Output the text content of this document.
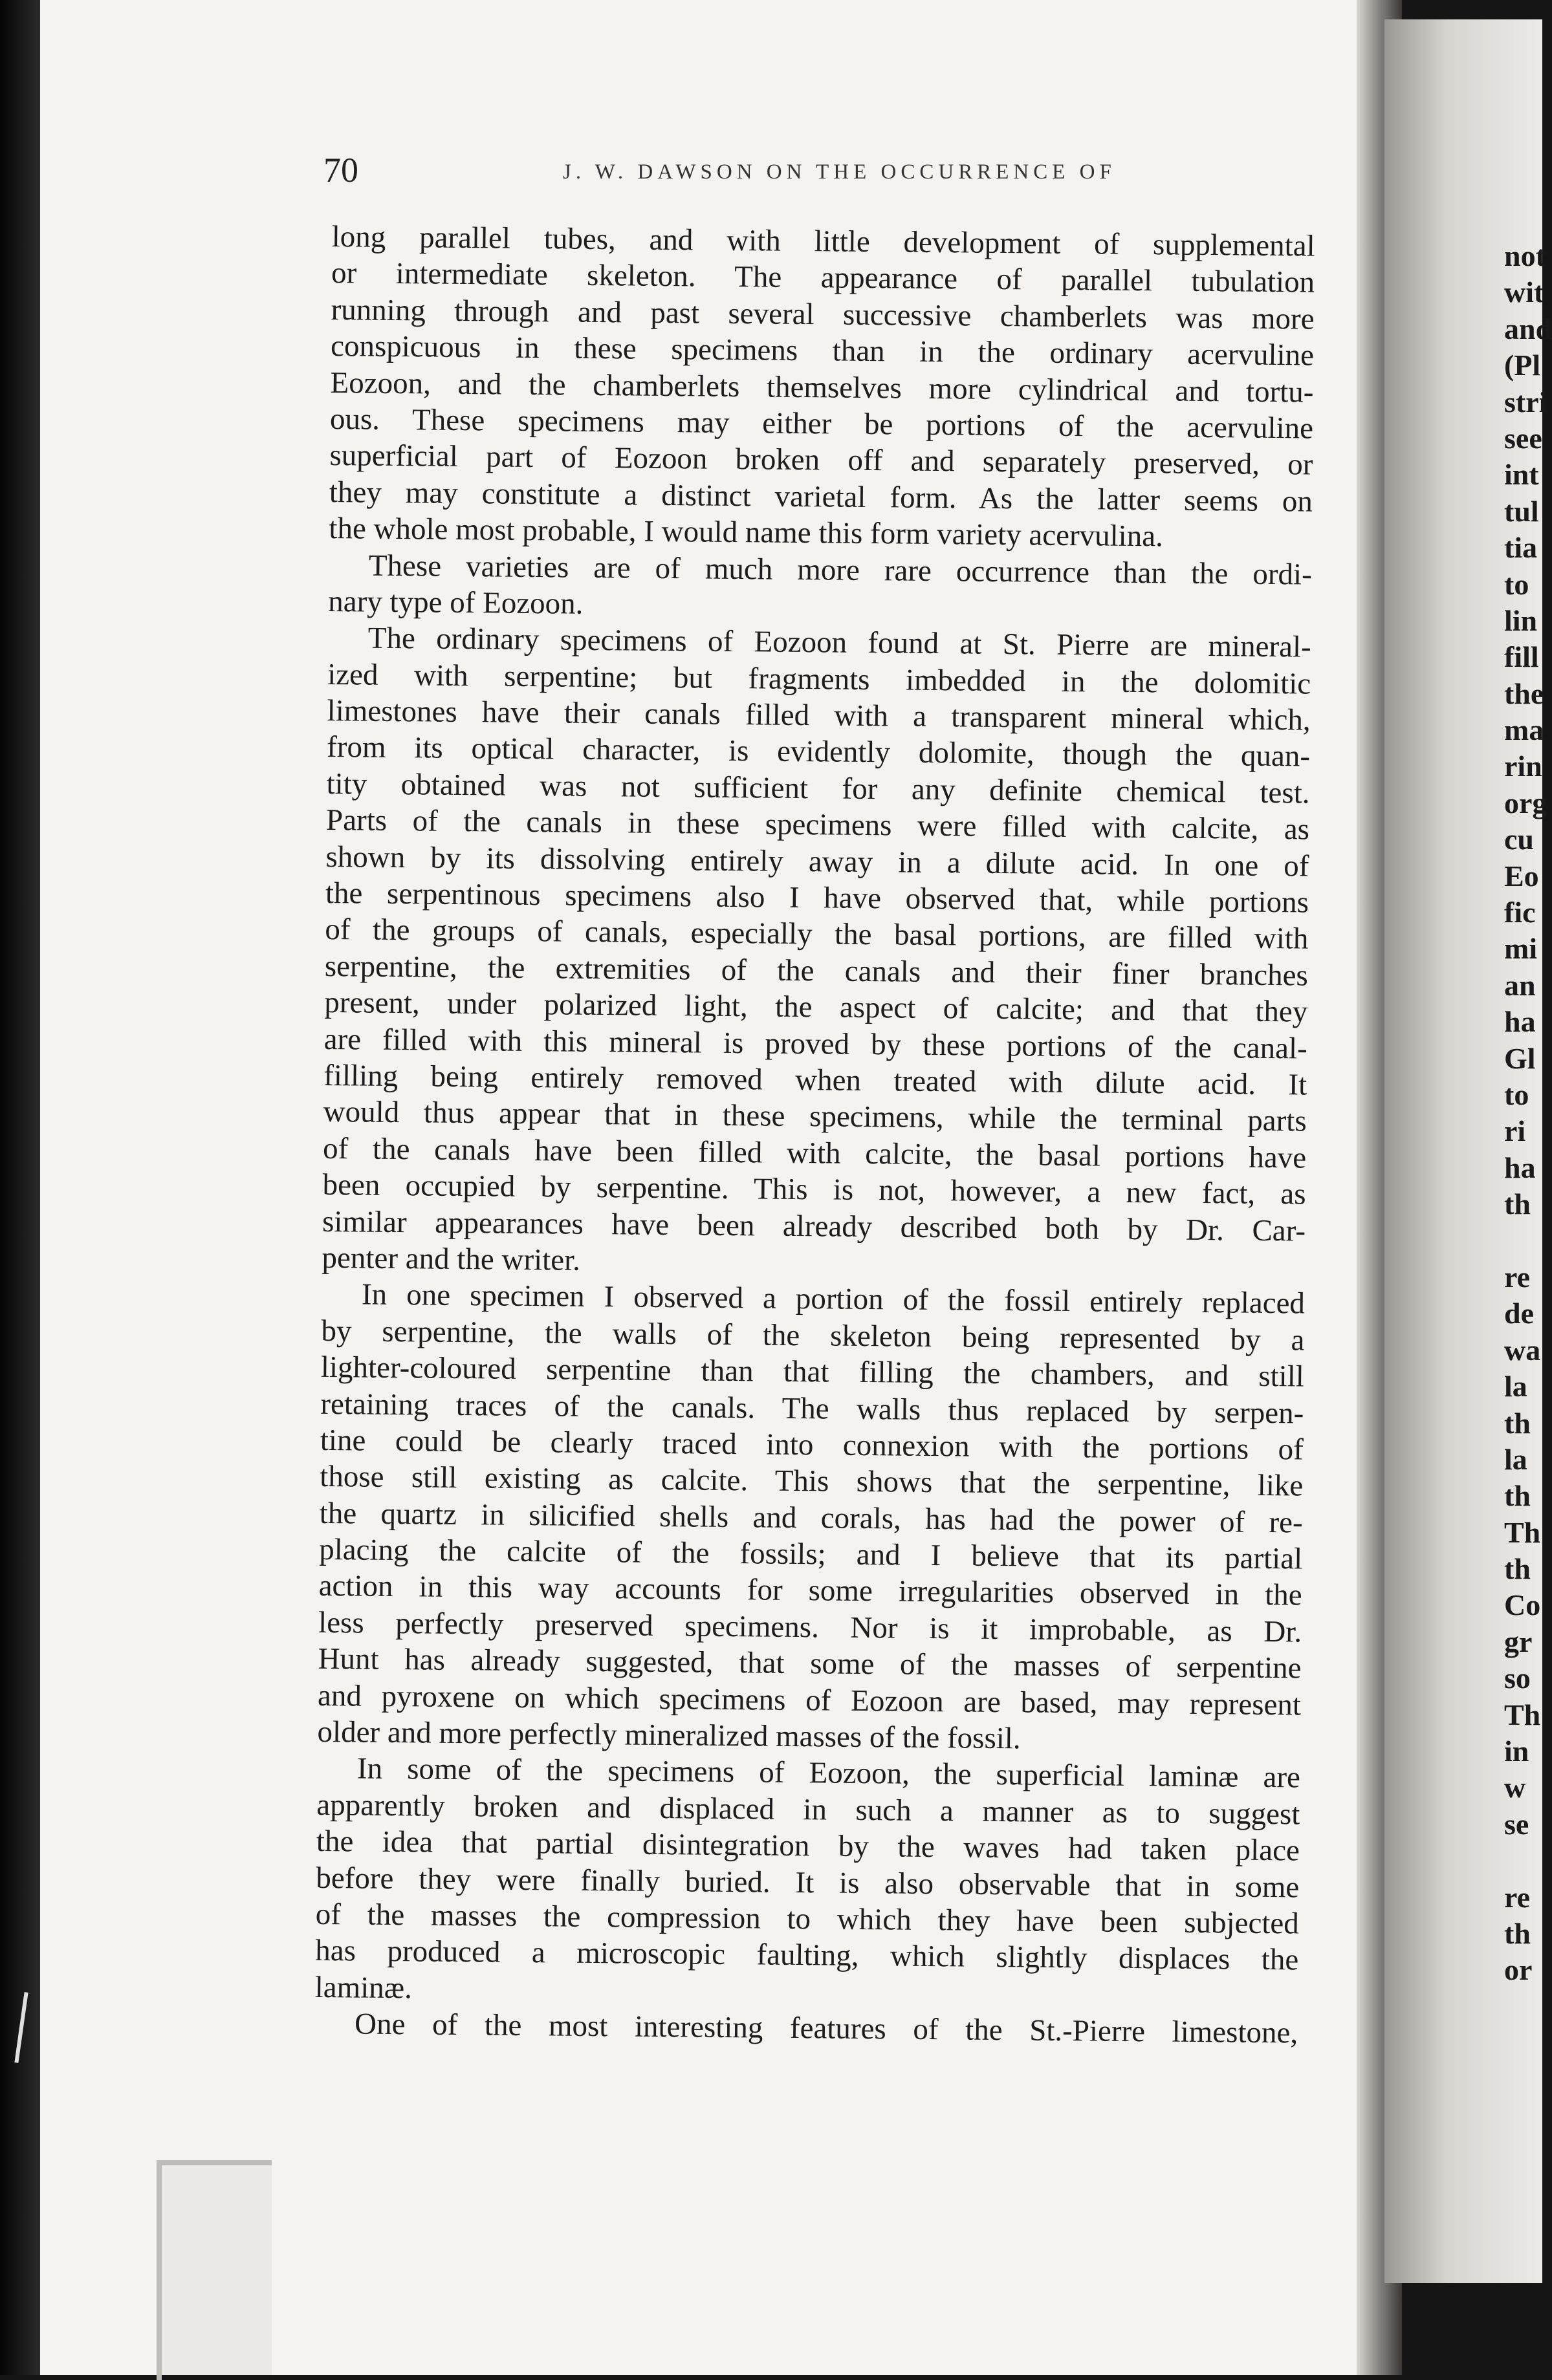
70	J. W. DAWSON ON THE OCCURRENCE OF
long parallel tubes, and with little development of supplemental
or intermediate skeleton. The appearance of parallel tubulation
running through and past several successive chamberlets was more
conspicuous in these specimens than in the ordinary acervuline
Eozoon, and the chamberlets themselves more cylindrical and tortu-
ous. These specimens may either be portions of the acervuline
superficial part of Eozoon broken off and separately preserved, or
they may constitute a distinct varietal form. As the latter seems on
the whole most probable, I would name this form variety acervulina.
These varieties are of much more rare occurrence than the ordi-
nary type of Eozoon.
The ordinary specimens of Eozoon found at St. Pierre are mineral-
ized with serpentine; but fragments imbedded in the dolomitic
limestones have their canals filled with a transparent mineral which,
from its optical character, is evidently dolomite, though the quan-
tity obtained was not sufficient for any definite chemical test.
Parts of the canals in these specimens were filled with calcite, as
shown by its dissolving entirely away in a dilute acid. In one of
the serpentinous specimens also I have observed that, while portions
of the groups of canals, especially the basal portions, are filled with
serpentine, the extremities of the canals and their finer branches
present, under polarized light, the aspect of calcite; and that they
are filled with this mineral is proved by these portions of the canal-
filling being entirely removed when treated with dilute acid. It
would thus appear that in these specimens, while the terminal parts
of the canals have been filled with calcite, the basal portions have
been occupied by serpentine. This is not, however, a new fact, as
similar appearances have been already described both by Dr. Car-
penter and the writer.
In one specimen I observed a portion of the fossil entirely replaced
by serpentine, the walls of the skeleton being represented by a
lighter-coloured serpentine than that filling the chambers, and still
retaining traces of the canals. The walls thus replaced by serpen-
tine could be clearly traced into connexion with the portions of
those still existing as calcite. This shows that the serpentine, like
the quartz in silicified shells and corals, has had the power of re-
placing the calcite of the fossils; and I believe that its partial
action in this way accounts for some irregularities observed in the
less perfectly preserved specimens. Nor is it improbable, as Dr.
Hunt has already suggested, that some of the masses of serpentine
and pyroxene on which specimens of Eozoon are based, may represent
older and more perfectly mineralized masses of the fossil.
In some of the specimens of Eozoon, the superficial laminæ are
apparently broken and displaced in such a manner as to suggest
the idea that partial disintegration by the waves had taken place
before they were finally buried. It is also observable that in some
of the masses the compression to which they have been subjected
has produced a microscopic faulting, which slightly displaces the
laminæ.
One of the most interesting features of the St.-Pierre limestone,
not
wit
and
(Pl
stri
see
int
tul
tia
to
lin
fill
the
ma
rin
org
cu
Eo
fic
mi
an
ha
Gl
to
ri
ha
th
re
de
wa
la
th
la
th
Th
th
Co
gr
so
Th
in
w
se
re
th
or
